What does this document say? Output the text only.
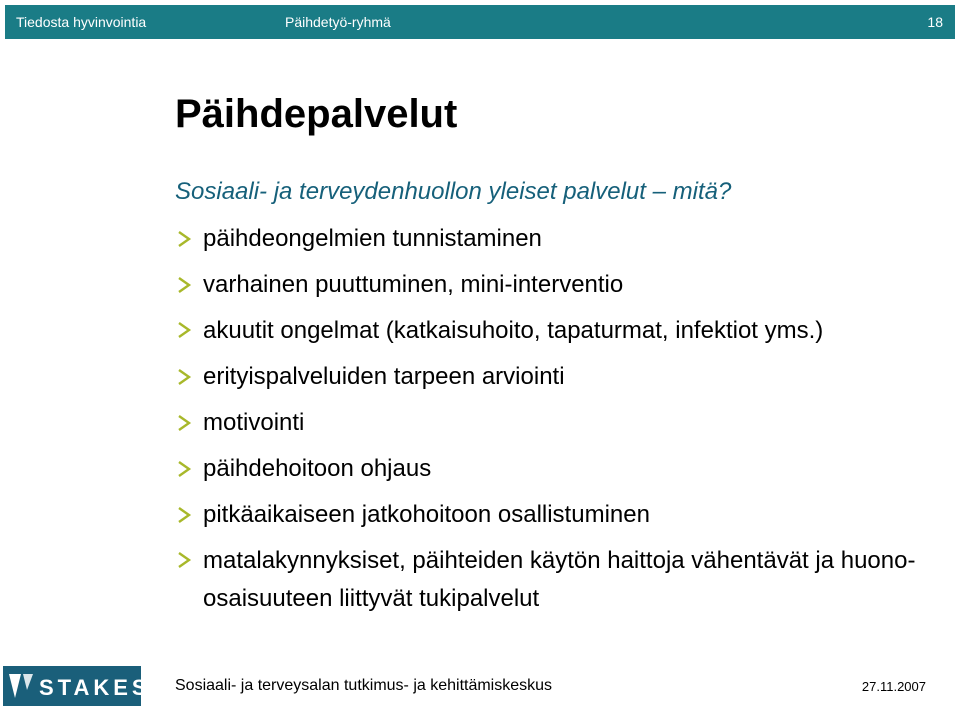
Tiedosta hyvinvointia	Päihdetyö-ryhmä	18
Päihdepalvelut
Sosiaali- ja terveydenhuollon yleiset palvelut – mitä?
päihdeongelmien tunnistaminen
varhainen puuttuminen, mini-interventio
akuutit ongelmat (katkaisuhoito, tapaturmat, infektiot yms.)
erityispalveluiden tarpeen arviointi
motivointi
päihdehoitoon ohjaus
pitkäaikaiseen jatkohoitoon osallistuminen
matalakynnyksiset, päihteiden käytön haittoja vähentävät ja huono-osaisuuteen liittyvät tukipalvelut
STAKES Sosiaali- ja terveysalan tutkimus- ja kehittämiskeskus	27.11.2007
